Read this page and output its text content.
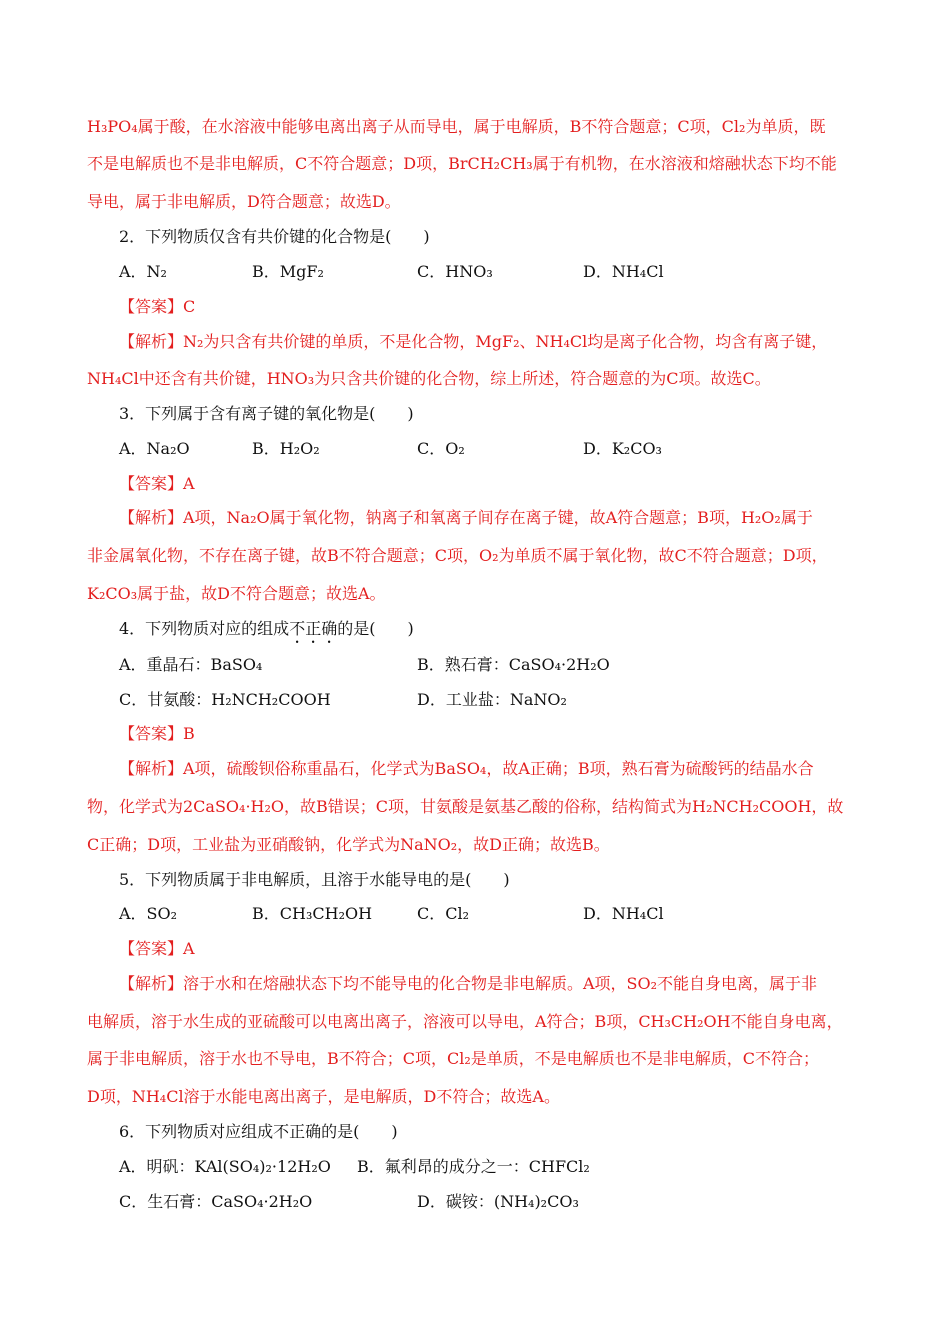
H₃PO₄属于酸，在水溶液中能够电离出离子从而导电，属于电解质，B不符合题意；C项，Cl₂为单质，既
不是电解质也不是非电解质，C不符合题意；D项，BrCH₂CH₃属于有机物，在水溶液和熔融状态下均不能
导电，属于非电解质，D符合题意；故选D。
2．下列物质仅含有共价键的化合物是(　　)
A．N₂	B．MgF₂	C．HNO₃	D．NH₄Cl
【答案】C
【解析】N₂为只含有共价键的单质，不是化合物，MgF₂、NH₄Cl均是离子化合物，均含有离子键，
NH₄Cl中还含有共价键，HNO₃为只含共价键的化合物，综上所述，符合题意的为C项。故选C。
3．下列属于含有离子键的氧化物是(　　)
A．Na₂O	B．H₂O₂	C．O₂	D．K₂CO₃
【答案】A
【解析】A项，Na₂O属于氧化物，钠离子和氧离子间存在离子键，故A符合题意；B项，H₂O₂属于
非金属氧化物，不存在离子键，故B不符合题意；C项，O₂为单质不属于氧化物，故C不符合题意；D项，
K₂CO₃属于盐，故D不符合题意；故选A。
4．下列物质对应的组成不正确的是(　　)
A．重晶石：BaSO₄	B．熟石膏：CaSO₄·2H₂O
C．甘氨酸：H₂NCH₂COOH	D．工业盐：NaNO₂
【答案】B
【解析】A项，硫酸钡俗称重晶石，化学式为BaSO₄，故A正确；B项，熟石膏为硫酸钙的结晶水合
物，化学式为2CaSO₄·H₂O，故B错误；C项，甘氨酸是氨基乙酸的俗称，结构简式为H₂NCH₂COOH，故
C正确；D项，工业盐为亚硝酸钠，化学式为NaNO₂，故D正确；故选B。
5．下列物质属于非电解质，且溶于水能导电的是(　　)
A．SO₂	B．CH₃CH₂OH	C．Cl₂	D．NH₄Cl
【答案】A
【解析】溶于水和在熔融状态下均不能导电的化合物是非电解质。A项，SO₂不能自身电离，属于非
电解质，溶于水生成的亚硫酸可以电离出离子，溶液可以导电，A符合；B项，CH₃CH₂OH不能自身电离，
属于非电解质，溶于水也不导电，B不符合；C项，Cl₂是单质，不是电解质也不是非电解质，C不符合；
D项，NH₄Cl溶于水能电离出离子，是电解质，D不符合；故选A。
6．下列物质对应组成不正确的是(　　)
A．明矾：KAl(SO₄)₂·12H₂O B．氟利昂的成分之一：CHFCl₂
C．生石膏：CaSO₄·2H₂O	D．碳铵：(NH₄)₂CO₃
